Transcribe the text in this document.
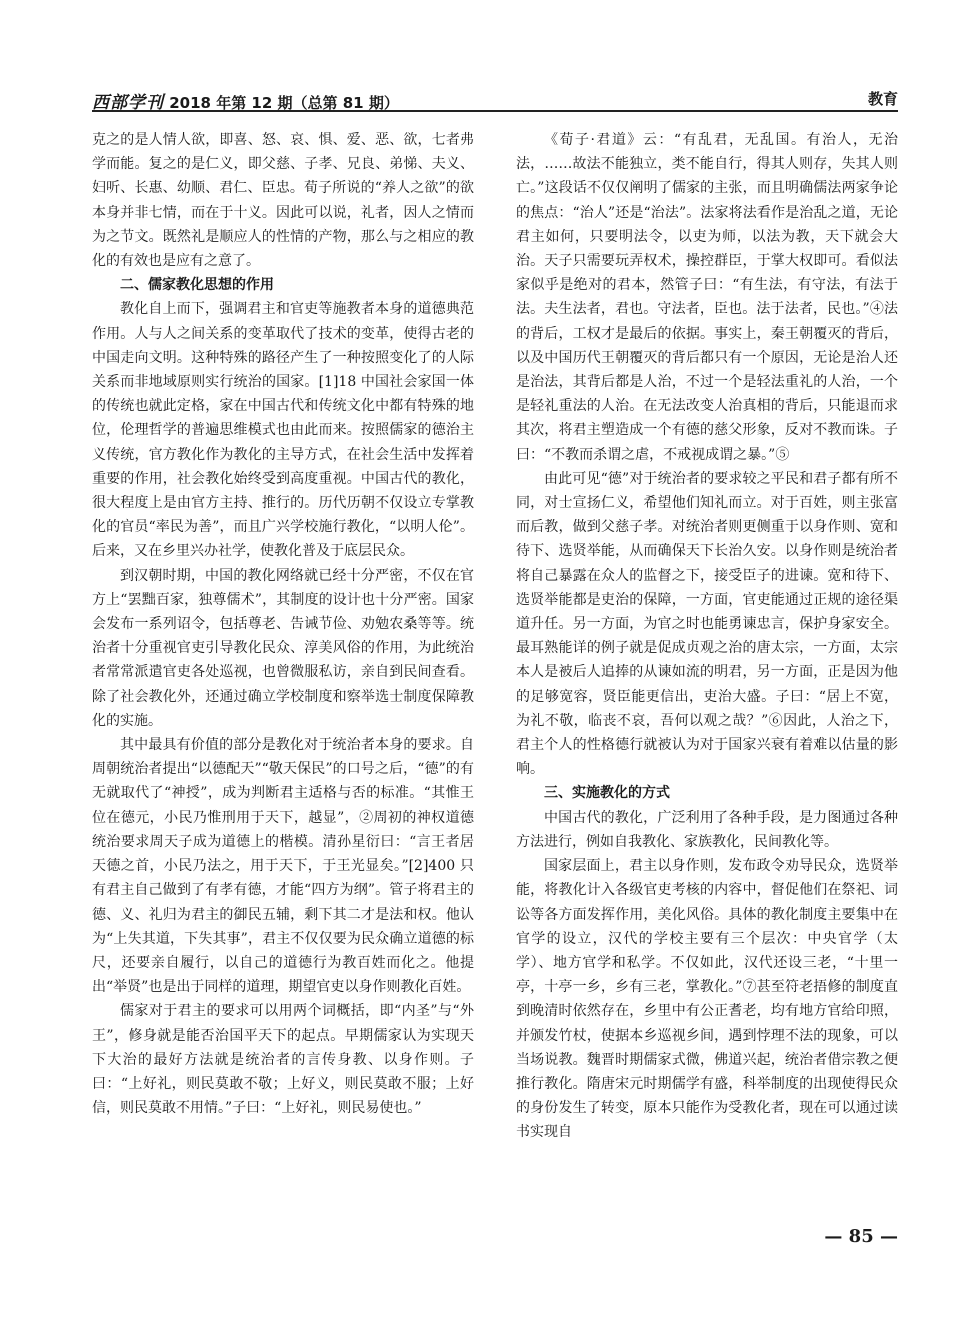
西部学刊 2018 年第 12 期（总第 81 期）	教育

克之的是人情人欲，即喜、怒、哀、惧、爱、恶、欲，七者弗学而能。复之的是仁义，即父慈、子孝、兄良、弟悌、夫义、妇听、长惠、幼顺、君仁、臣忠。荀子所说的“养人之欲”的欲本身并非七情，而在于十义。因此可以说，礼者，因人之情而为之节文。既然礼是顺应人的性情的产物，那么与之相应的教化的有效也是应有之意了。

二、儒家教化思想的作用

教化自上而下，强调君主和官吏等施教者本身的道德典范作用。人与人之间关系的变革取代了技术的变革，使得古老的中国走向文明。这种特殊的路径产生了一种按照变化了的人际关系而非地域原则实行统治的国家。[1]18 中国社会家国一体的传统也就此定格，家在中国古代和传统文化中都有特殊的地位，伦理哲学的普遍思维模式也由此而来。按照儒家的德治主义传统，官方教化作为教化的主导方式，在社会生活中发挥着重要的作用，社会教化始终受到高度重视。中国古代的教化，很大程度上是由官方主持、推行的。历代历朝不仅设立专掌教化的官员“率民为善”，而且广兴学校施行教化，“以明人伦”。后来，又在乡里兴办社学，使教化普及于底层民众。

到汉朝时期，中国的教化网络就已经十分严密，不仅在官方上“罢黜百家，独尊儒术”，其制度的设计也十分严密。国家会发布一系列诏令，包括尊老、告诫节俭、劝勉农桑等等。统治者十分重视官吏引导教化民众、淳美风俗的作用，为此统治者常常派遣官吏各处巡视，也曾微服私访，亲自到民间查看。除了社会教化外，还通过确立学校制度和察举选士制度保障教化的实施。

其中最具有价值的部分是教化对于统治者本身的要求。自周朝统治者提出“以德配天”“敬天保民”的口号之后，“德”的有无就取代了“神授”，成为判断君主适格与否的标准。“其惟王位在德元，小民乃惟刑用于天下，越显”，②周初的神权道德统治要求周天子成为道德上的楷模。清孙星衍曰：“言王者居天德之首，小民乃法之，用于天下，于王光显矣。”[2]400 只有君主自己做到了有孝有德，才能“四方为纲”。管子将君主的德、义、礼归为君主的御民五辅，剩下其二才是法和权。他认为“上失其道，下失其事”，君主不仅仅要为民众确立道德的标尺，还要亲自履行，以自己的道德行为教百姓而化之。他提出“举贤”也是出于同样的道理，期望官吏以身作则教化百姓。

儒家对于君主的要求可以用两个词概括，即“内圣”与“外王”，修身就是能否治国平天下的起点。早期儒家认为实现天下大治的最好方法就是统治者的言传身教、以身作则。子曰：“上好礼，则民莫敢不敬；上好义，则民莫敢不服；上好信，则民莫敢不用情。”子曰：“上好礼，则民易使也。”

《荀子·君道》云：“有乱君，无乱国。有治人，无治法，……故法不能独立，类不能自行，得其人则存，失其人则亡。”这段话不仅仅阐明了儒家的主张，而且明确儒法两家争论的焦点：“治人”还是“治法”。法家将法看作是治乱之道，无论君主如何，只要明法令，以吏为师，以法为教，天下就会大治。天子只需要玩弄权术，操控群臣，于掌大权即可。看似法家似乎是绝对的君本，然管子曰：“有生法，有守法，有法于法。夫生法者，君也。守法者，臣也。法于法者，民也。”④法的背后，工权才是最后的依据。事实上，秦王朝覆灭的背后，以及中国历代王朝覆灭的背后都只有一个原因，无论是治人还是治法，其背后都是人治，不过一个是轻法重礼的人治，一个是轻礼重法的人治。在无法改变人治真相的背后，只能退而求其次，将君主塑造成一个有德的慈父形象，反对不教而诛。子曰：“不教而杀谓之虐，不戒视成谓之暴。”⑤

由此可见“德”对于统治者的要求较之平民和君子都有所不同，对士宣扬仁义，希望他们知礼而立。对于百姓，则主张富而后教，做到父慈子孝。对统治者则更侧重于以身作则、宽和待下、选贤举能，从而确保天下长治久安。以身作则是统治者将自己暴露在众人的监督之下，接受臣子的进谏。宽和待下、选贤举能都是吏治的保障，一方面，官吏能通过正规的途径渠道升任。另一方面，为官之时也能勇谏忠言，保护身家安全。最耳熟能详的例子就是促成贞观之治的唐太宗，一方面，太宗本人是被后人追捧的从谏如流的明君，另一方面，正是因为他的足够宽容，贤臣能更信出，吏治大盛。子曰：“居上不宽，为礼不敬，临丧不哀，吾何以观之哉？”⑥因此，人治之下，君主个人的性格德行就被认为对于国家兴衰有着难以估量的影响。

三、实施教化的方式

中国古代的教化，广泛利用了各种手段，是力图通过各种方法进行，例如自我教化、家族教化，民间教化等。

国家层面上，君主以身作则，发布政令劝导民众，选贤举能，将教化计入各级官吏考核的内容中，督促他们在祭祀、词讼等各方面发挥作用，美化风俗。具体的教化制度主要集中在官学的设立，汉代的学校主要有三个层次：中央官学（太学）、地方官学和私学。不仅如此，汉代还设三老，“十里一亭，十亭一乡，乡有三老，掌教化。”⑦甚至符老捂修的制度直到晚清时依然存在，乡里中有公正耆老，均有地方官给印照，并颁发竹杖，使据本乡巡视乡间，遇到悖理不法的现象，可以当场说教。魏晋时期儒家式微，佛道兴起，统治者借宗教之便推行教化。隋唐宋元时期儒学有盛，科举制度的出现使得民众的身份发生了转变，原本只能作为受教化者，现在可以通过读书实现自

— 85 —
